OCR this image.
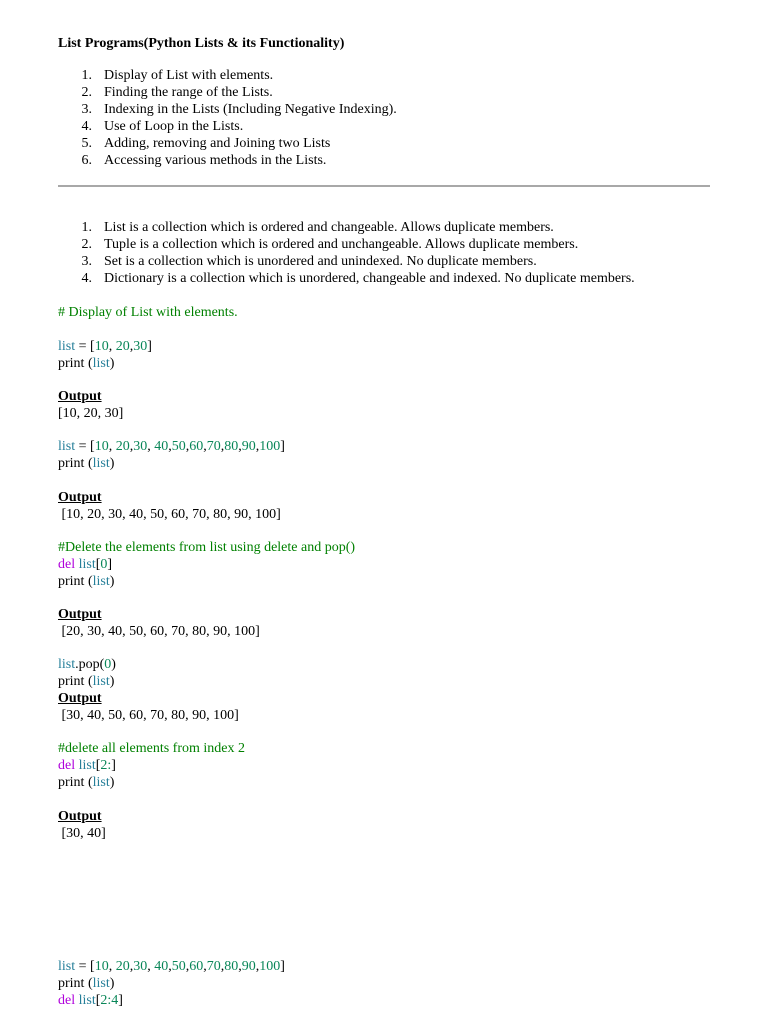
List Programs(Python Lists & its Functionality)
1. Display of List with elements.
2. Finding the range of the Lists.
3. Indexing in the Lists (Including Negative Indexing).
4. Use of Loop in the Lists.
5. Adding, removing and Joining two Lists
6. Accessing various methods in the Lists.
1. List is a collection which is ordered and changeable. Allows duplicate members.
2. Tuple is a collection which is ordered and unchangeable. Allows duplicate members.
3. Set is a collection which is unordered and unindexed. No duplicate members.
4. Dictionary is a collection which is unordered, changeable and indexed. No duplicate members.
# Display of List with elements.
list = [10, 20,30]
print (list)
Output
[10, 20, 30]
list = [10, 20,30, 40,50,60,70,80,90,100]
print (list)
Output
[10, 20, 30, 40, 50, 60, 70, 80, 90, 100]
#Delete the elements from list using delete and pop()
del list[0]
print (list)
Output
[20, 30, 40, 50, 60, 70, 80, 90, 100]
list.pop(0)
print (list)
Output
[30, 40, 50, 60, 70, 80, 90, 100]
#delete all elements from index 2
del list[2:]
print (list)
Output
[30, 40]
list = [10, 20,30, 40,50,60,70,80,90,100]
print (list)
del list[2:4]
